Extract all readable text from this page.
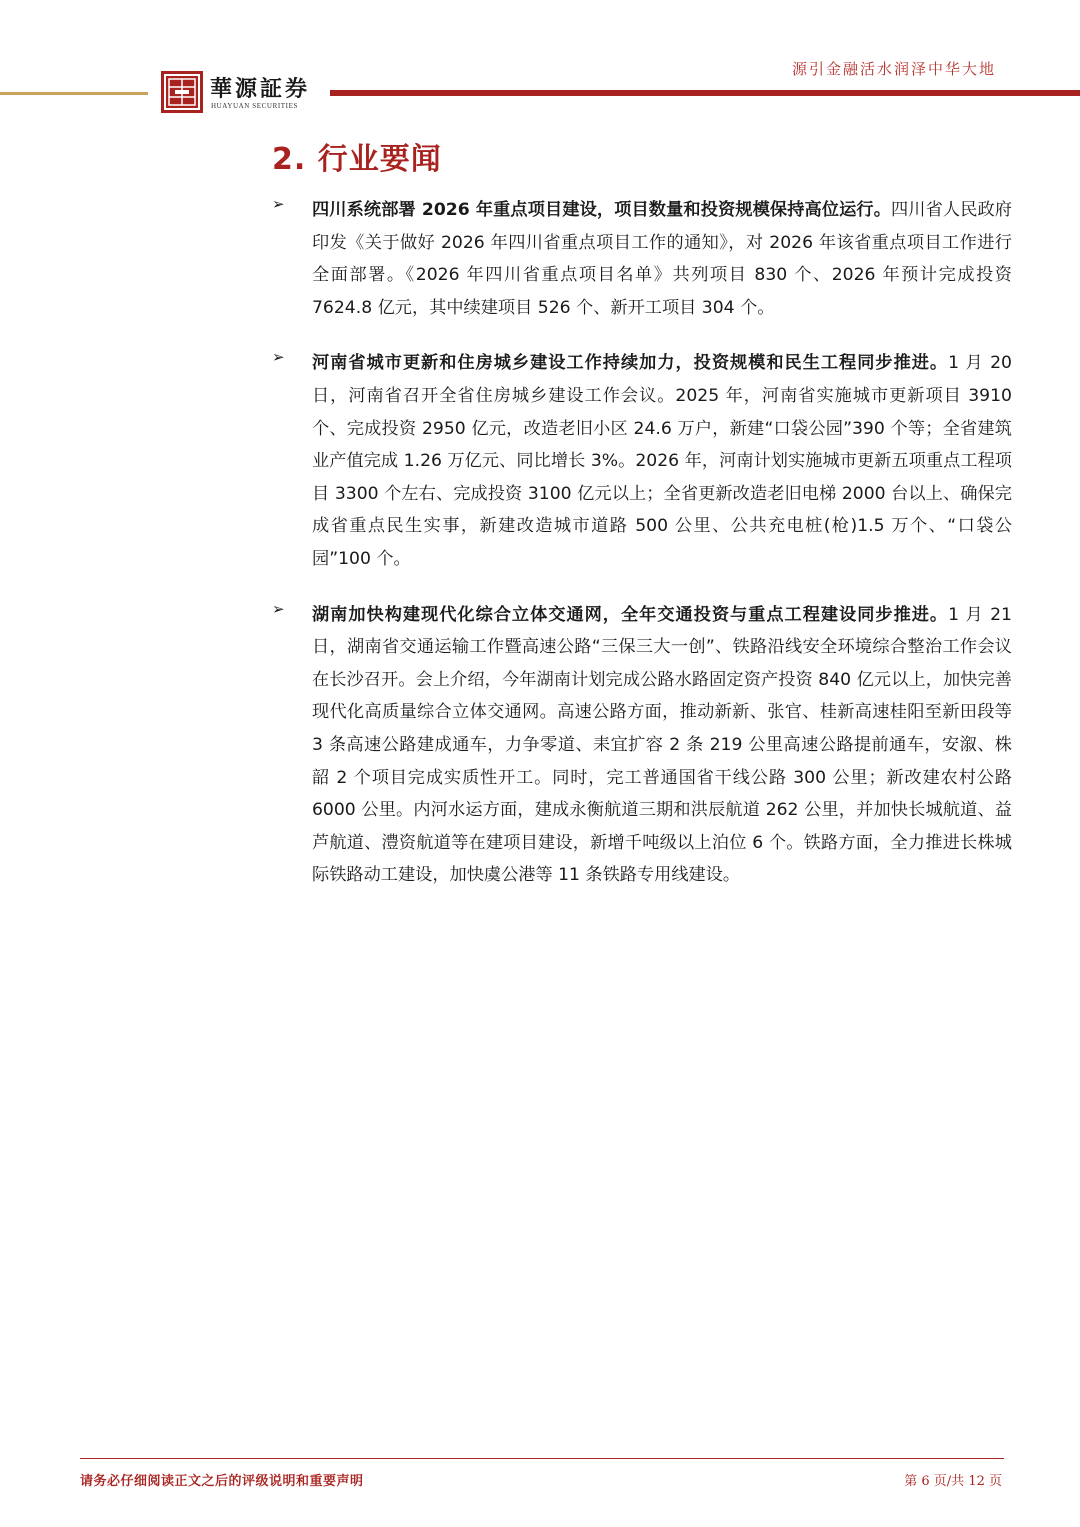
源引金融活水润泽中华大地
華源証券
HUAYUAN SECURITIES
2. 行业要闻
➢ 四川系统部署 2026 年重点项目建设，项目数量和投资规模保持高位运行。四川省人民政府印发《关于做好 2026 年四川省重点项目工作的通知》，对 2026 年该省重点项目工作进行全面部署。《2026 年四川省重点项目名单》共列项目 830 个、2026 年预计完成投资 7624.8 亿元，其中续建项目 526 个、新开工项目 304 个。
➢ 河南省城市更新和住房城乡建设工作持续加力，投资规模和民生工程同步推进。1 月 20 日，河南省召开全省住房城乡建设工作会议。2025 年，河南省实施城市更新项目 3910 个、完成投资 2950 亿元，改造老旧小区 24.6 万户，新建“口袋公园”390 个等；全省建筑业产值完成 1.26 万亿元、同比增长 3%。2026 年，河南计划实施城市更新五项重点工程项目 3300 个左右、完成投资 3100 亿元以上；全省更新改造老旧电梯 2000 台以上、确保完成省重点民生实事，新建改造城市道路 500 公里、公共充电桩(枪)1.5 万个、“口袋公园”100 个。
➢ 湖南加快构建现代化综合立体交通网，全年交通投资与重点工程建设同步推进。1 月 21 日，湖南省交通运输工作暨高速公路“三保三大一创”、铁路沿线安全环境综合整治工作会议在长沙召开。会上介绍，今年湖南计划完成公路水路固定资产投资 840 亿元以上，加快完善现代化高质量综合立体交通网。高速公路方面，推动新新、张官、桂新高速桂阳至新田段等 3 条高速公路建成通车，力争零道、耒宜扩容 2 条 219 公里高速公路提前通车，安溆、株韶 2 个项目完成实质性开工。同时，完工普通国省干线公路 300 公里；新改建农村公路 6000 公里。内河水运方面，建成永衡航道三期和洪辰航道 262 公里，并加快长城航道、益芦航道、澧资航道等在建项目建设，新增千吨级以上泊位 6 个。铁路方面，全力推进长株城际铁路动工建设，加快虞公港等 11 条铁路专用线建设。
请务必仔细阅读正文之后的评级说明和重要声明	第 6 页/共 12 页
